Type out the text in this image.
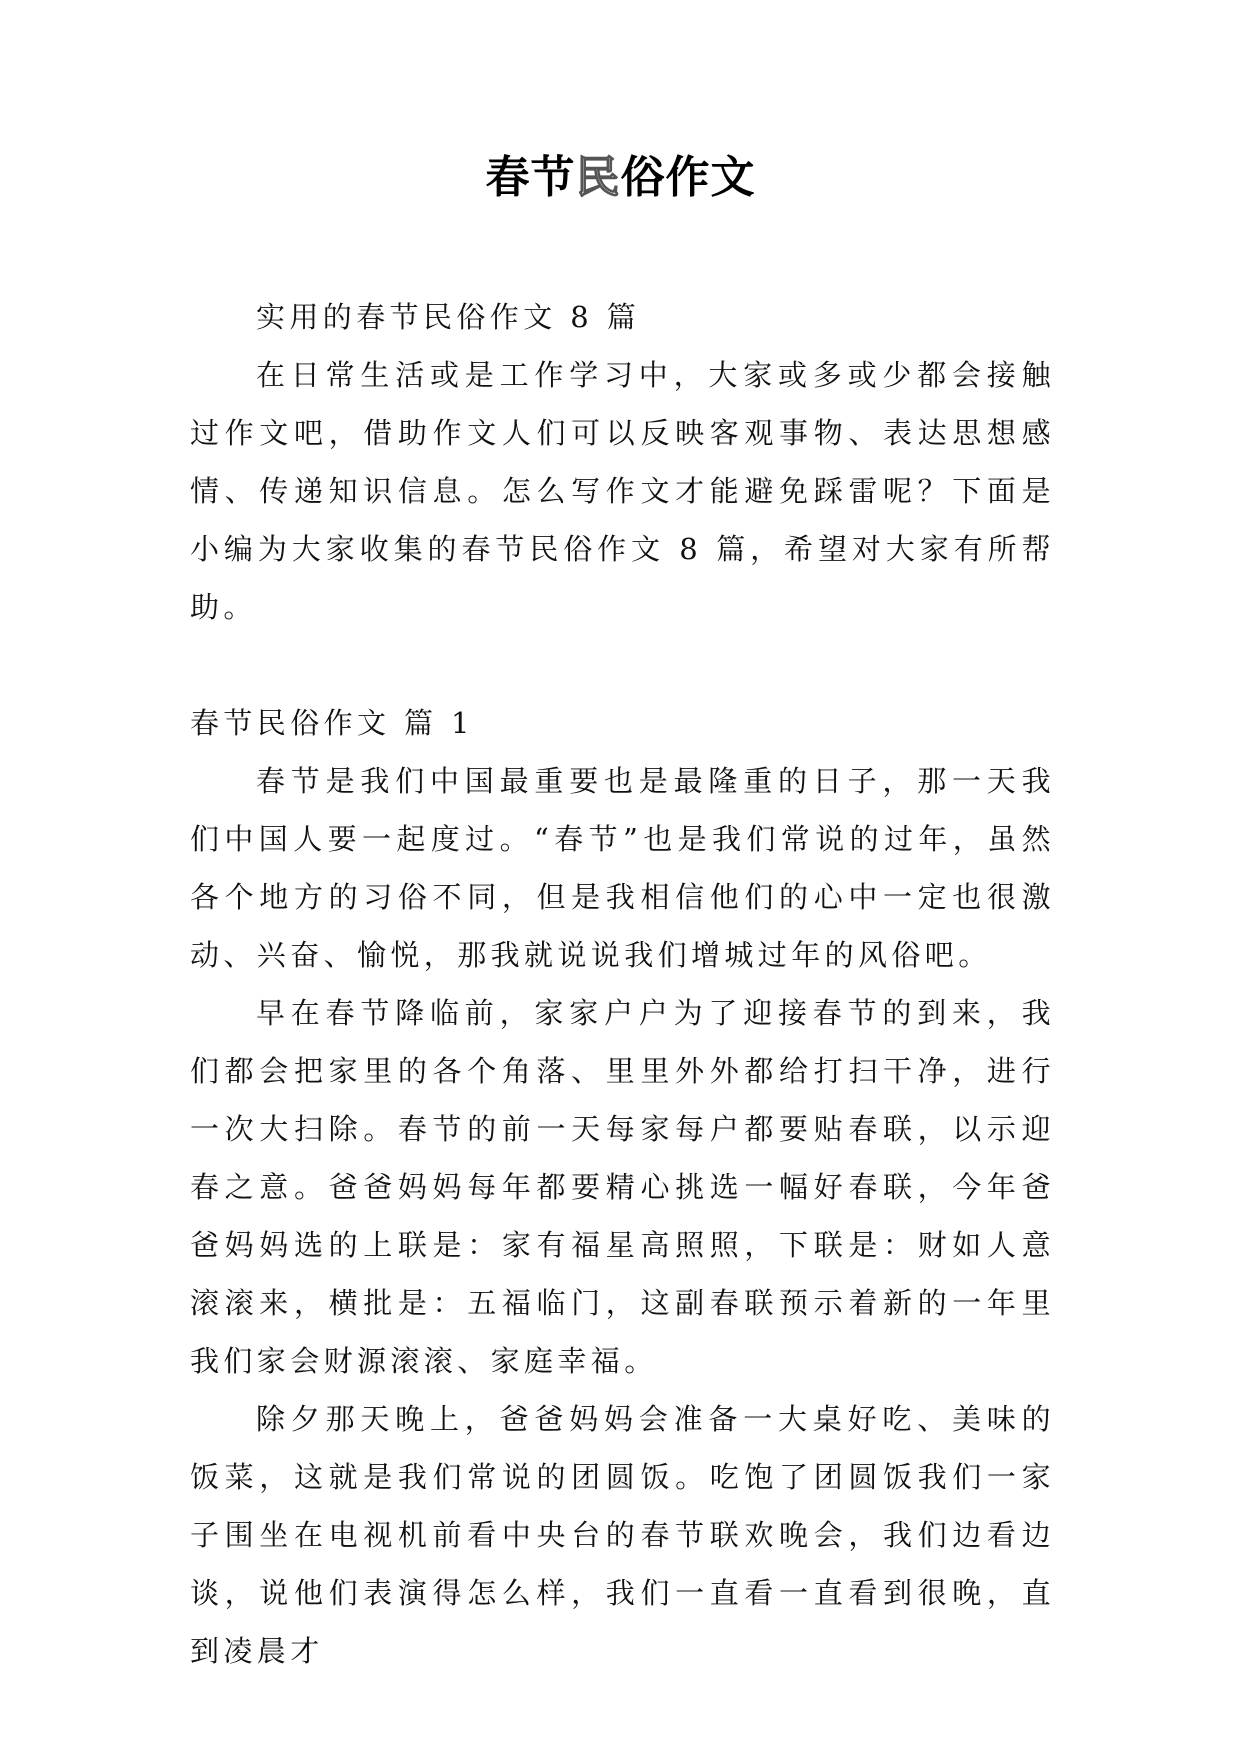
春节民俗作文

实用的春节民俗作文 8 篇

在日常生活或是工作学习中，大家或多或少都会接触过作文吧，借助作文人们可以反映客观事物、表达思想感情、传递知识信息。怎么写作文才能避免踩雷呢？下面是小编为大家收集的春节民俗作文 8 篇，希望对大家有所帮助。

春节民俗作文 篇 1

春节是我们中国最重要也是最隆重的日子，那一天我们中国人要一起度过。“春节”也是我们常说的过年，虽然各个地方的习俗不同，但是我相信他们的心中一定也很激动、兴奋、愉悦，那我就说说我们增城过年的风俗吧。

早在春节降临前，家家户户为了迎接春节的到来，我们都会把家里的各个角落、里里外外都给打扫干净，进行一次大扫除。春节的前一天每家每户都要贴春联，以示迎春之意。爸爸妈妈每年都要精心挑选一幅好春联，今年爸爸妈妈选的上联是：家有福星高照照，下联是：财如人意滚滚来，横批是：五福临门，这副春联预示着新的一年里我们家会财源滚滚、家庭幸福。

除夕那天晚上，爸爸妈妈会准备一大桌好吃、美味的饭菜，这就是我们常说的团圆饭。吃饱了团圆饭我们一家子围坐在电视机前看中央台的春节联欢晚会，我们边看边谈，说他们表演得怎么样，我们一直看一直看到很晚，直到凌晨才
